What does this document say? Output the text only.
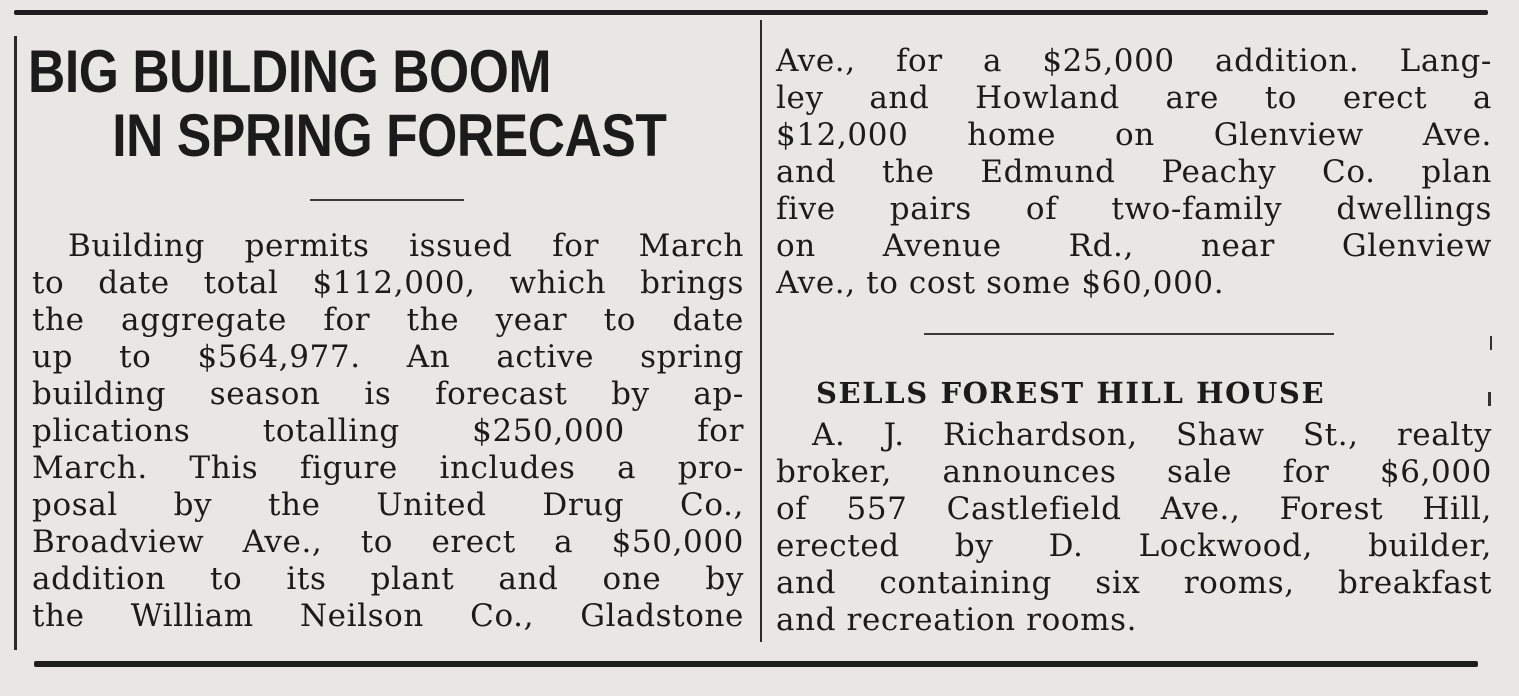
BIG BUILDING BOOM
IN SPRING FORECAST
Building permits issued for March
to date total $112,000, which brings
the aggregate for the year to date
up to $564,977. An active spring
building season is forecast by ap-
plications totalling $250,000 for
March. This figure includes a pro-
posal by the United Drug Co.,
Broadview Ave., to erect a $50,000
addition to its plant and one by
the William Neilson Co., Gladstone
Ave., for a $25,000 addition. Lang-
ley and Howland are to erect a
$12,000 home on Glenview Ave.
and the Edmund Peachy Co. plan
five pairs of two-family dwellings
on Avenue Rd., near Glenview
Ave., to cost some $60,000.
SELLS FOREST HILL HOUSE
A. J. Richardson, Shaw St., realty
broker, announces sale for $6,000
of 557 Castlefield Ave., Forest Hill,
erected by D. Lockwood, builder,
and containing six rooms, breakfast
and recreation rooms.
